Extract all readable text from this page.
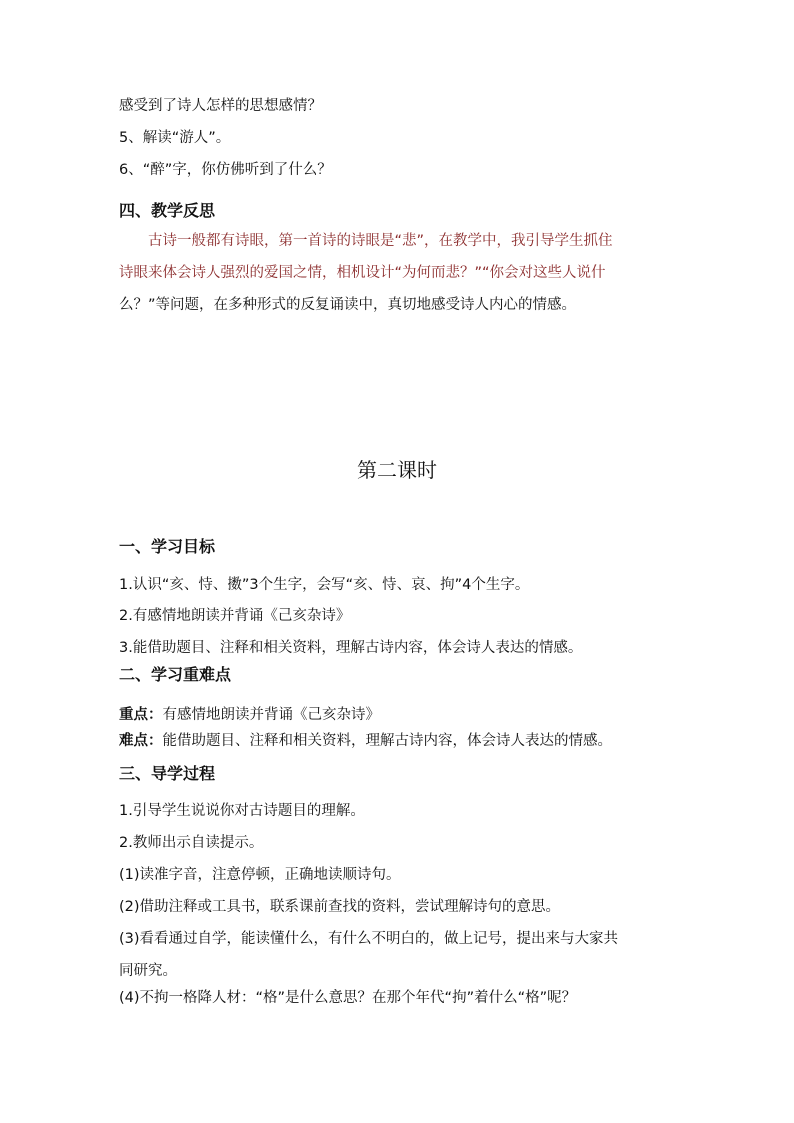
感受到了诗人怎样的思想感情？
5、解读“游人”。
6、“醉”字，你仿佛听到了什么？
四、教学反思
古诗一般都有诗眼，第一首诗的诗眼是“悲”，在教学中，我引导学生抓住
诗眼来体会诗人强烈的爱国之情，相机设计“为何而悲？”“你会对这些人说什
么？”等问题，在多种形式的反复诵读中，真切地感受诗人内心的情感。
第二课时
一、学习目标
1.认识“亥、恃、擞”3个生字，会写“亥、恃、哀、拘”4个生字。
2.有感情地朗读并背诵《己亥杂诗》
3.能借助题目、注释和相关资料，理解古诗内容，体会诗人表达的情感。
二、学习重难点
重点：有感情地朗读并背诵《己亥杂诗》
难点：能借助题目、注释和相关资料，理解古诗内容，体会诗人表达的情感。
三、导学过程
1.引导学生说说你对古诗题目的理解。
2.教师出示自读提示。
(1)读准字音，注意停顿，正确地读顺诗句。
(2)借助注释或工具书，联系课前查找的资料，尝试理解诗句的意思。
(3)看看通过自学，能读懂什么，有什么不明白的，做上记号，提出来与大家共
同研究。
(4)不拘一格降人材：“格”是什么意思？在那个年代“拘”着什么“格”呢？
